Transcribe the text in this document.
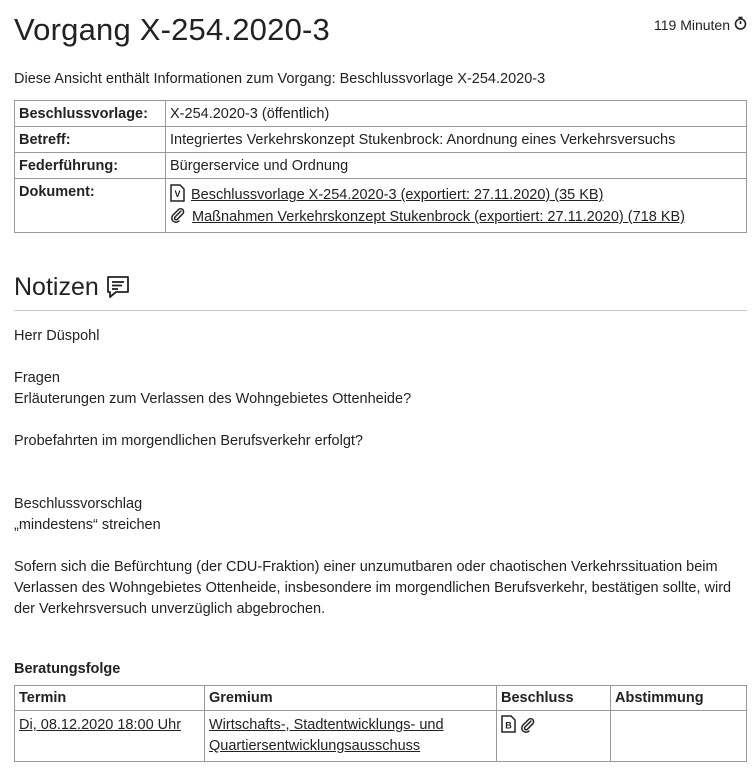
Vorgang X-254.2020-3	119 Minuten
Diese Ansicht enthält Informationen zum Vorgang: Beschlussvorlage X-254.2020-3
Beschlussvorlage:	X-254.2020-3 (öffentlich)
Betreff:	Integriertes Verkehrskonzept Stukenbrock: Anordnung eines Verkehrsversuchs
Federführung:	Bürgerservice und Ordnung
Dokument:	V Beschlussvorlage X-254.2020-3 (exportiert: 27.11.2020) (35 KB)
Maßnahmen Verkehrskonzept Stukenbrock (exportiert: 27.11.2020) (718 KB)
Notizen

Herr Düspohl

Fragen

Erläuterungen zum Verlassen des Wohngebietes Ottenheide?

Probefahrten im morgendlichen Berufsverkehr erfolgt?

Beschlussvorschlag

„mindestens“ streichen

Sofern sich die Befürchtung (der CDU-Fraktion) einer unzumutbaren oder chaotischen Verkehrssituation beim Verlassen des Wohngebietes Ottenheide, insbesondere im morgendlichen Berufsverkehr, bestätigen sollte, wird der Verkehrsversuch unverzüglich abgebrochen.

Beratungsfolge
Termin	Gremium	Beschluss	Abstimmung
Di, 08.12.2020 18:00 Uhr	Wirtschafts-, Stadtentwicklungs- und Quartiersentwicklungsausschuss	B	
